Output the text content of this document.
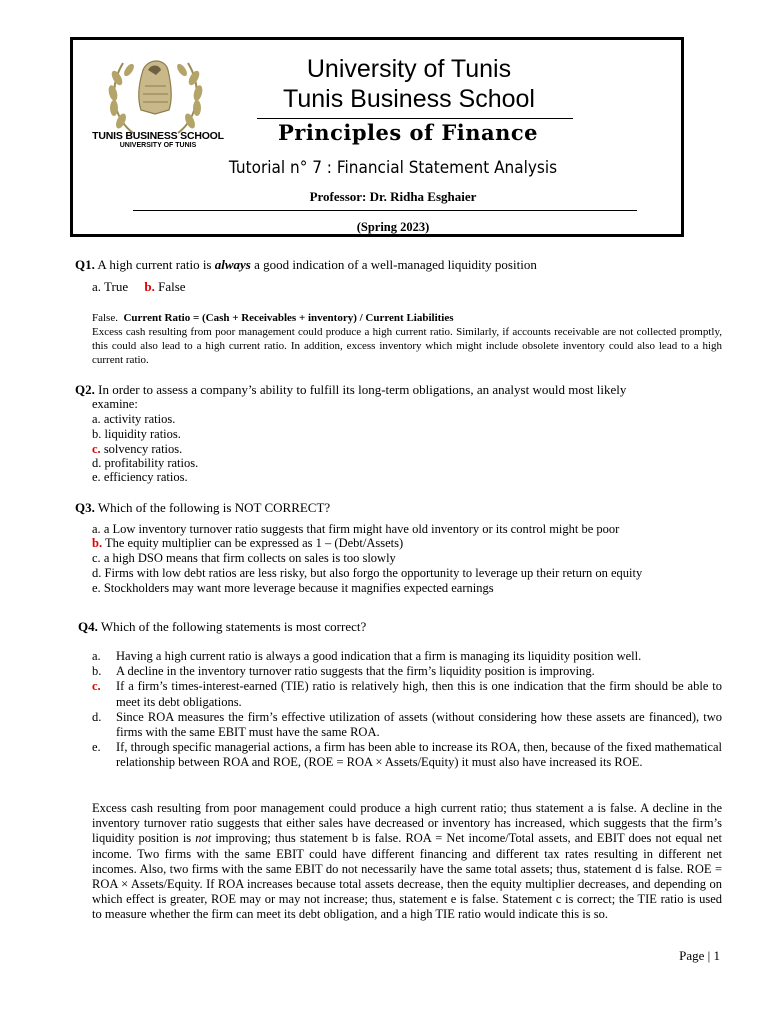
TUNIS BUSINESS SCHOOL
UNIVERSITY OF TUNIS
University of Tunis
Tunis Business School
Principles of Finance
Tutorial n° 7 : Financial Statement Analysis
Professor: Dr. Ridha Esghaier
(Spring 2023)
Q1. A high current ratio is always a good indication of a well-managed liquidity position
a. True b. False
False. Current Ratio = (Cash + Receivables + inventory) / Current Liabilities
Excess cash resulting from poor management could produce a high current ratio. Similarly, if accounts receivable are not collected promptly, this could also lead to a high current ratio. In addition, excess inventory which might include obsolete inventory could also lead to a high current ratio.
Q2. In order to assess a company’s ability to fulfill its long-term obligations, an analyst would most likely
examine:
a. activity ratios.
b. liquidity ratios.
c. solvency ratios.
d. profitability ratios.
e. efficiency ratios.
Q3. Which of the following is NOT CORRECT?
a. a Low inventory turnover ratio suggests that firm might have old inventory or its control might be poor
b. The equity multiplier can be expressed as 1 – (Debt/Assets)
c. a high DSO means that firm collects on sales is too slowly
d. Firms with low debt ratios are less risky, but also forgo the opportunity to leverage up their return on equity
e. Stockholders may want more leverage because it magnifies expected earnings
Q4. Which of the following statements is most correct?
a.	Having a high current ratio is always a good indication that a firm is managing its liquidity position well.
b.	A decline in the inventory turnover ratio suggests that the firm’s liquidity position is improving.
c.	If a firm’s times-interest-earned (TIE) ratio is relatively high, then this is one indication that the firm should be able to meet its debt obligations.
d.	Since ROA measures the firm’s effective utilization of assets (without considering how these assets are financed), two firms with the same EBIT must have the same ROA.
e.	If, through specific managerial actions, a firm has been able to increase its ROA, then, because of the fixed mathematical relationship between ROA and ROE, (ROE = ROA × Assets/Equity) it must also have increased its ROE.
Excess cash resulting from poor management could produce a high current ratio; thus statement a is false. A decline in the inventory turnover ratio suggests that either sales have decreased or inventory has increased, which suggests that the firm’s liquidity position is not improving; thus statement b is false. ROA = Net income/Total assets, and EBIT does not equal net income. Two firms with the same EBIT could have different financing and different tax rates resulting in different net incomes. Also, two firms with the same EBIT do not necessarily have the same total assets; thus, statement d is false. ROE = ROA × Assets/Equity. If ROA increases because total assets decrease, then the equity multiplier decreases, and depending on which effect is greater, ROE may or may not increase; thus, statement e is false. Statement c is correct; the TIE ratio is used to measure whether the firm can meet its debt obligation, and a high TIE ratio would indicate this is so.
Page | 1
